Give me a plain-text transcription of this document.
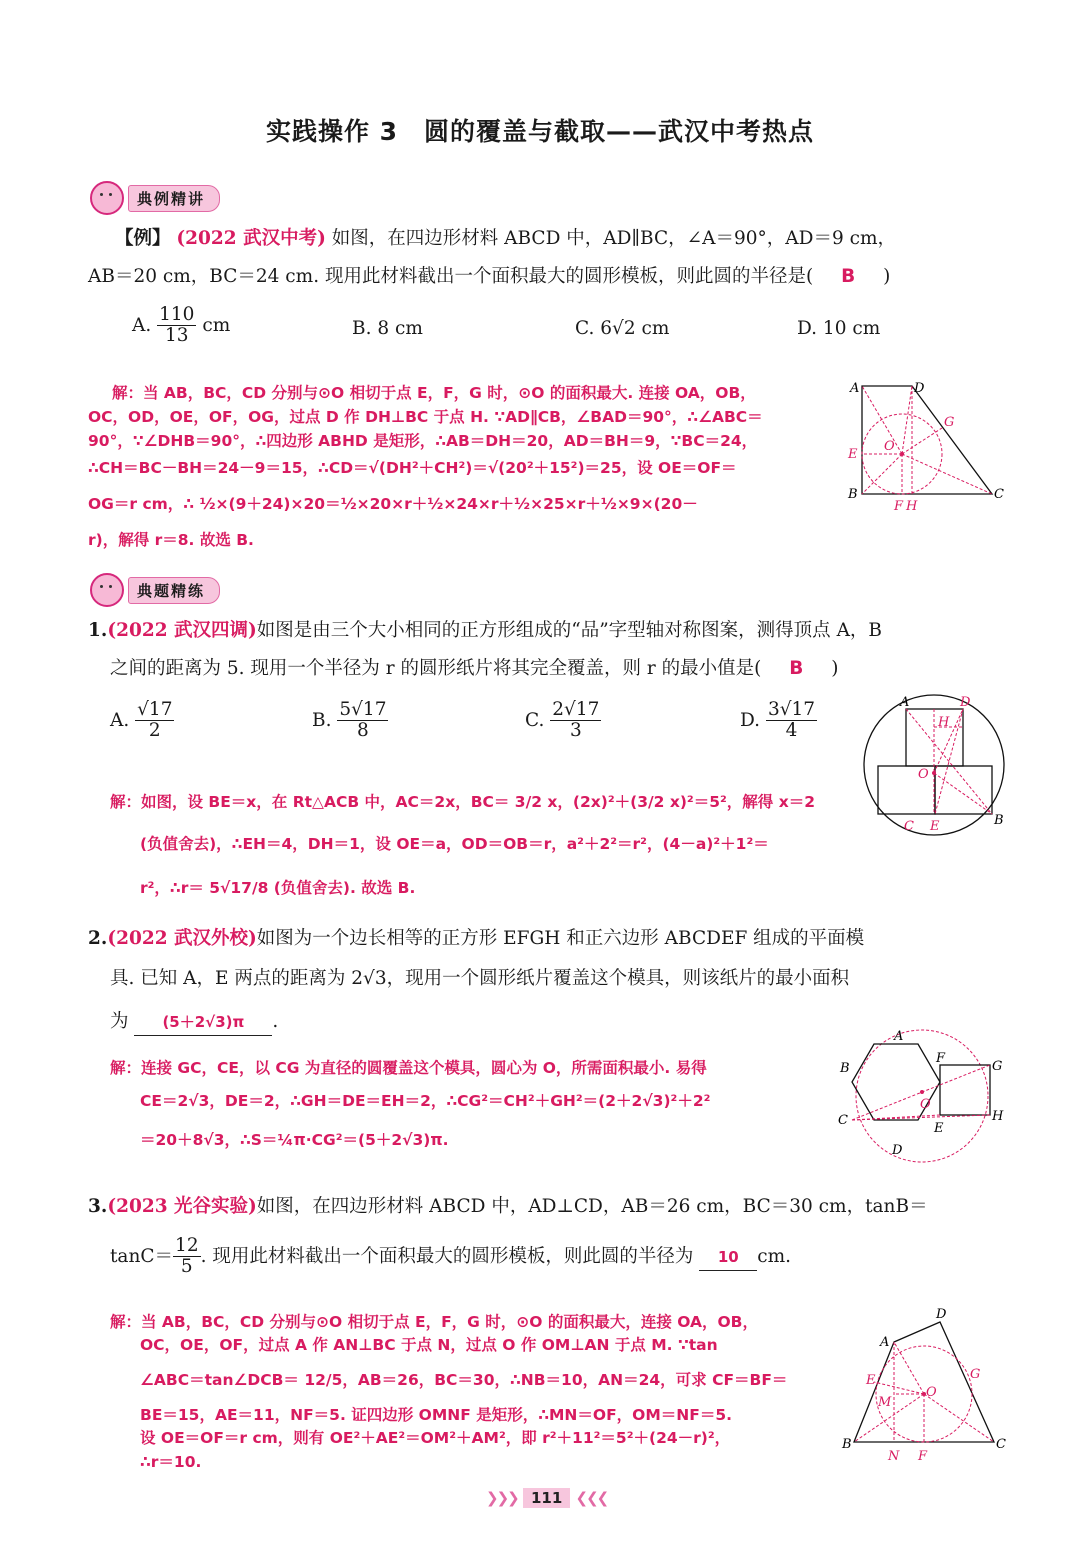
实践操作 3　圆的覆盖与截取——武汉中考热点
典例精讲
【例】 (2022 武汉中考) 如图，在四边形材料 ABCD 中，AD∥BC，∠A＝90°，AD＝9 cm，
AB＝20 cm，BC＝24 cm. 现用此材料截出一个面积最大的圆形模板，则此圆的半径是( B )
A. $\frac{110}{13}$ cm	B. 8 cm	C. 6√2 cm	D. 10 cm
解：当 AB，BC，CD 分别与⊙O 相切于点 E，F，G 时，⊙O 的面积最大. 连接 OA，OB，
OC，OD，OE，OF，OG，过点 D 作 DH⊥BC 于点 H. ∵AD∥CB，∠BAD＝90°，∴∠ABC＝
90°，∵∠DHB＝90°，∴四边形 ABHD 是矩形，∴AB＝DH＝20，AD＝BH＝9，∵BC＝24，
∴CH＝BC－BH＝24－9＝15，∴CD＝√(DH²＋CH²)＝√(20²＋15²)＝25，设 OE＝OF＝
OG＝r cm，∴ ½×(9＋24)×20＝½×20×r＋½×24×r＋½×25×r＋½×9×(20－
r)，解得 r＝8. 故选 B.
A	D
G
E
O
B
F H
C
典题精练
1.(2022 武汉四调)如图是由三个大小相同的正方形组成的“品”字型轴对称图案，测得顶点 A，B
之间的距离为 5. 现用一个半径为 r 的圆形纸片将其完全覆盖，则 r 的最小值是( B )
A. $\frac{√17}{2}$	B. $\frac{5√17}{8}$	C. $\frac{2√17}{3}$	D. $\frac{3√17}{4}$
解：如图，设 BE＝x，在 Rt△ACB 中，AC＝2x，BC＝ 3/2 x，(2x)²＋(3/2 x)²＝5²，解得 x＝2
(负值舍去)，∴EH＝4，DH＝1，设 OE＝a，OD＝OB＝r，a²＋2²＝r²，(4－a)²＋1²＝
r²，∴r＝ 5√17/8 (负值舍去). 故选 B.
A	D
H
O
C E	B
2.(2022 武汉外校)如图为一个边长相等的正方形 EFGH 和正六边形 ABCDEF 组成的平面模
具. 已知 A，E 两点的距离为 2√3，现用一个圆形纸片覆盖这个模具，则该纸片的最小面积
为 (5＋2√3)π .
解：连接 GC，CE，以 CG 为直径的圆覆盖这个模具，圆心为 O，所需面积最小. 易得
CE＝2√3，DE＝2，∴GH＝DE＝EH＝2，∴CG²＝CH²＋GH²＝(2＋2√3)²＋2²
＝20＋8√3，∴S＝¼π·CG²＝(5＋2√3)π.
A
F
G
B
C
O
H
E
D
3.(2023 光谷实验)如图，在四边形材料 ABCD 中，AD⊥CD，AB＝26 cm，BC＝30 cm，tanB＝
$\tan C= \frac{12}{5}$ . 现用此材料截出一个面积最大的圆形模板，则此圆的半径为 10 cm.
解：当 AB，BC，CD 分别与⊙O 相切于点 E，F，G 时，⊙O 的面积最大，连接 OA，OB，
OC，OE，OF，过点 A 作 AN⊥BC 于点 N，过点 O 作 OM⊥AN 于点 M. ∵tan
∠ABC＝tan∠DCB＝ 12/5，AB＝26，BC＝30，∴NB＝10，AN＝24，可求 CF＝BF＝
BE＝15，AE＝11，NF＝5. 证四边形 OMNF 是矩形，∴MN＝OF，OM＝NF＝5.
设 OE＝OF＝r cm，则有 OE²＋AE²＝OM²＋AM²，即 r²＋11²＝5²＋(24－r)²，
∴r＝10.
D
A
G
E
M
O
B
N F
C
❯❯❯ 111 ❮❮❮
